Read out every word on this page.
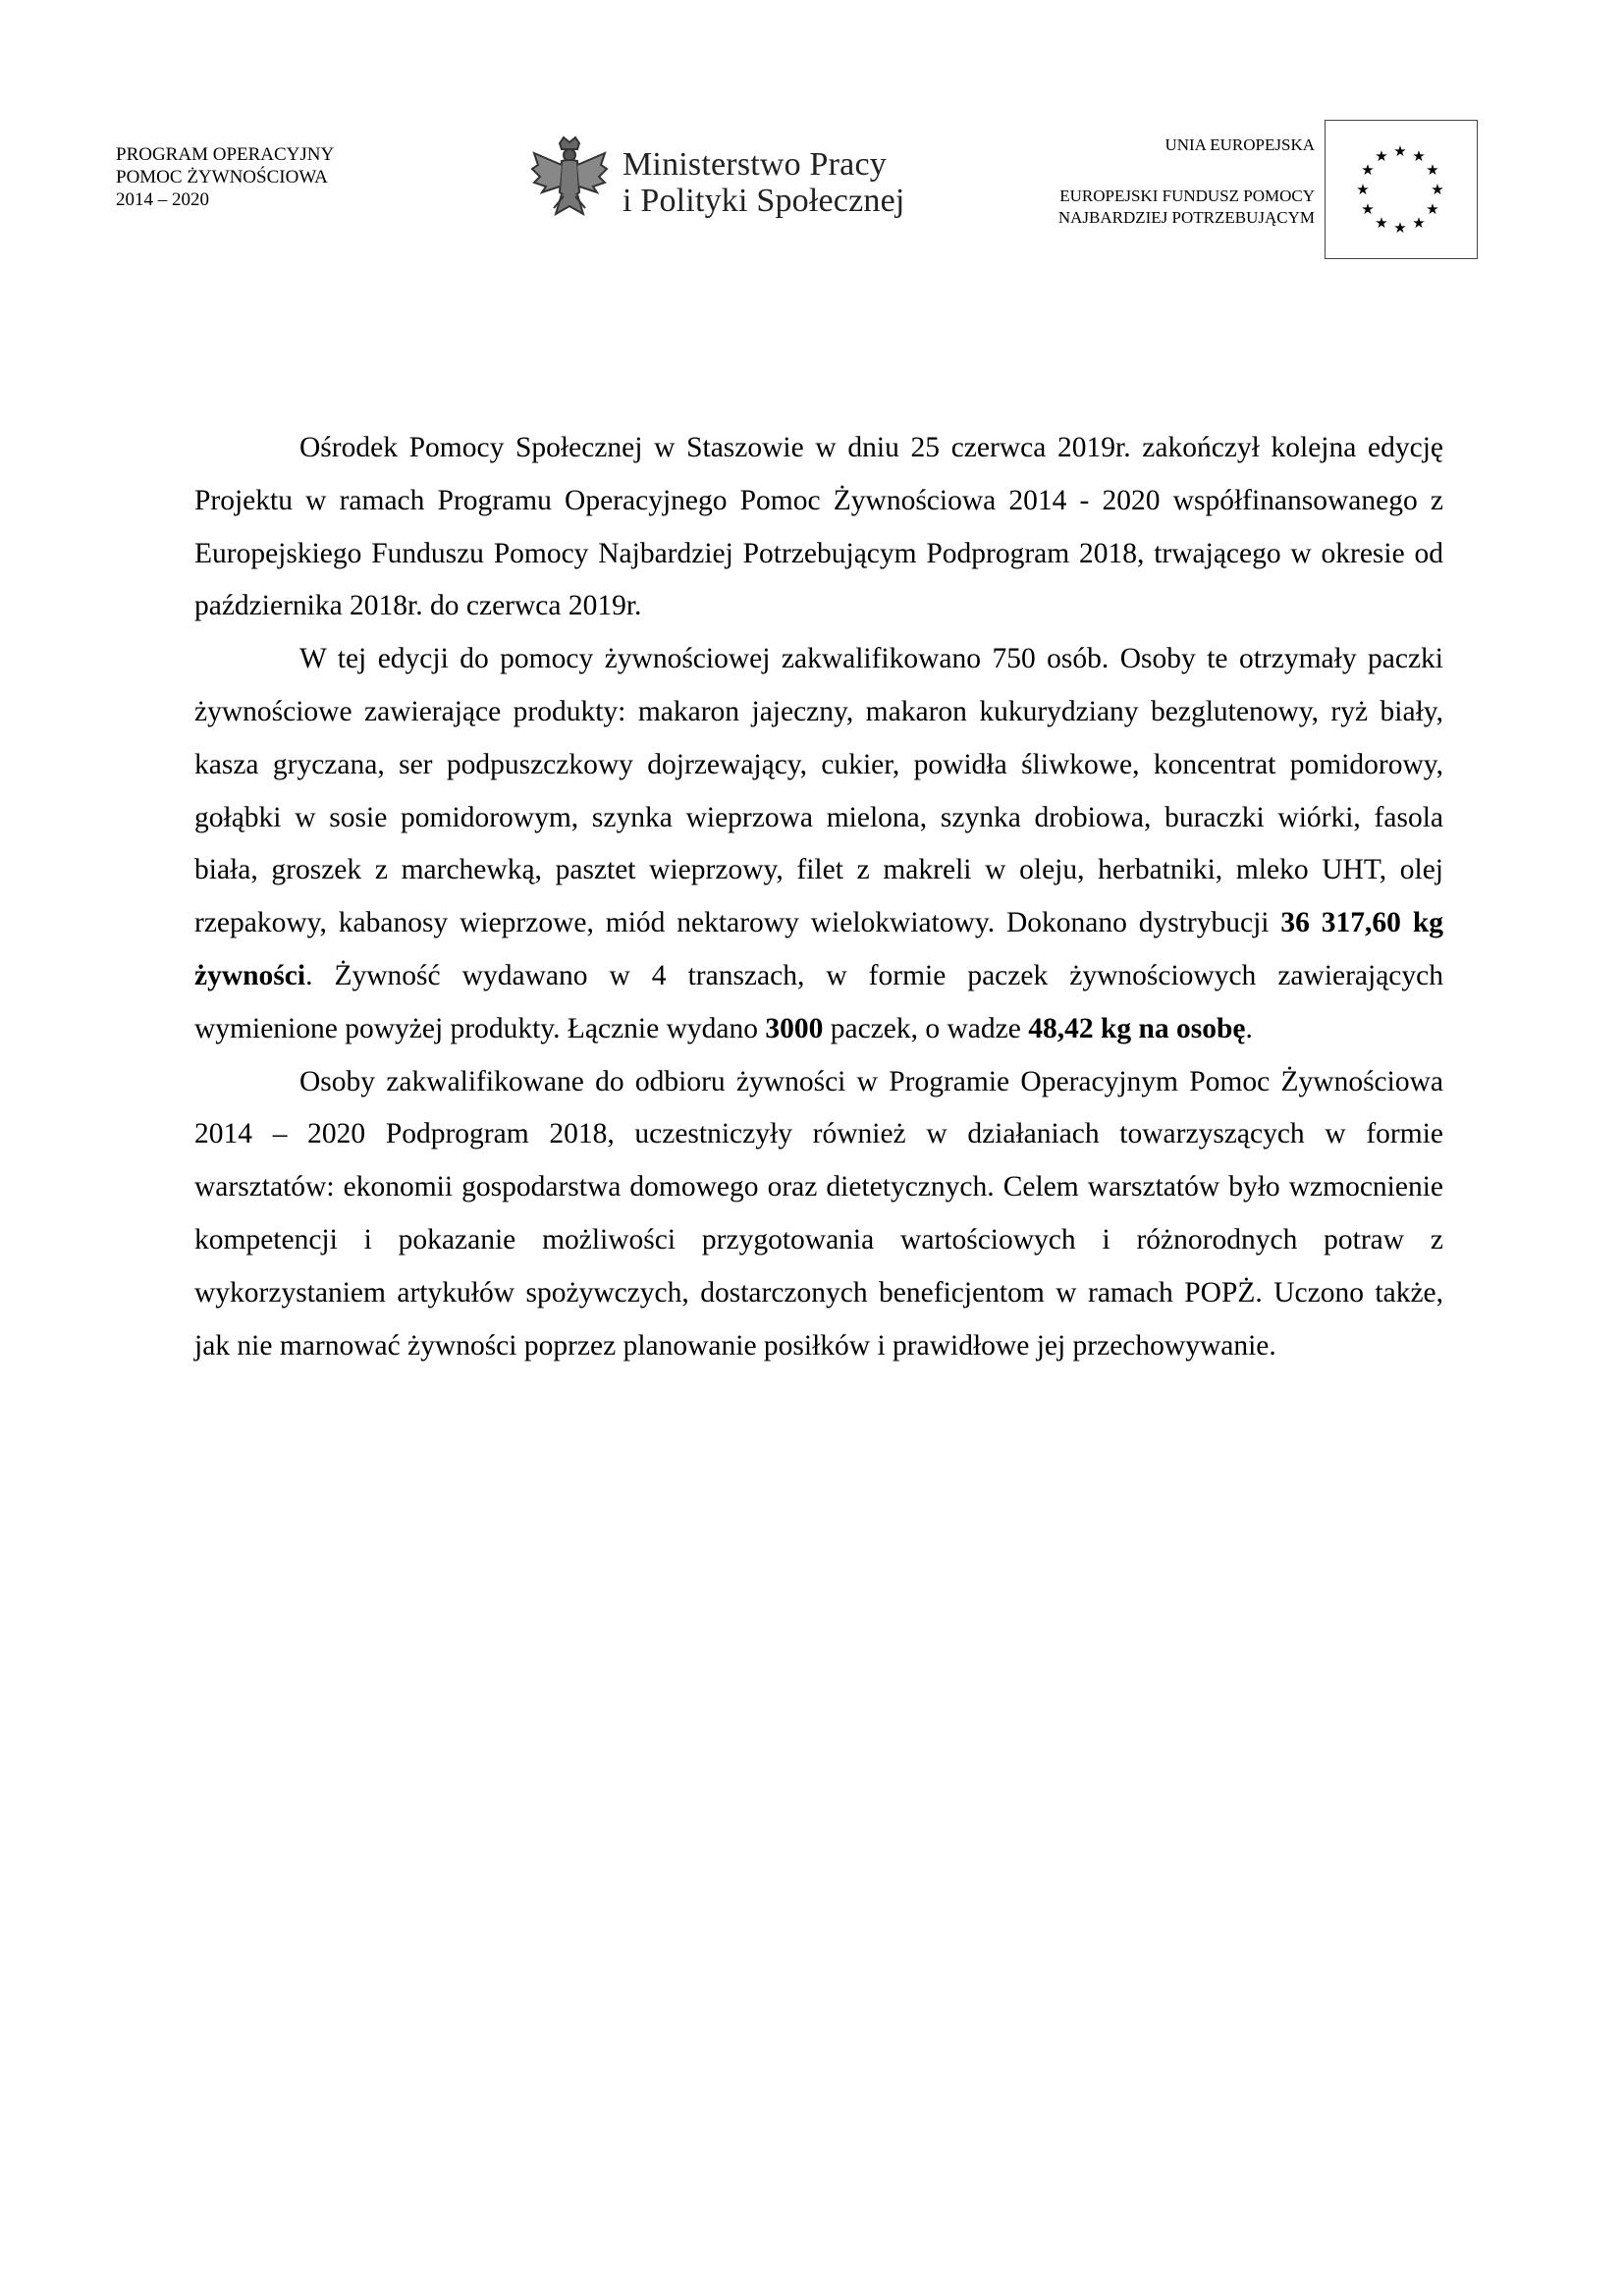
PROGRAM OPERACYJNY
POMOC ŻYWNOŚCIOWA
2014 – 2020
Ministerstwo Pracy
i Polityki Społecznej
UNIA EUROPEJSKA
EUROPEJSKI FUNDUSZ POMOCY
NAJBARDZIEJ POTRZEBUJĄCYM
★ ★
★
★
★
★
★
★
★
★
★
★

Ośrodek Pomocy Społecznej w Staszowie w dniu 25 czerwca 2019r. zakończył kolejna edycję Projektu w ramach Programu Operacyjnego Pomoc Żywnościowa 2014 - 2020 współfinansowanego z Europejskiego Funduszu Pomocy Najbardziej Potrzebującym Podprogram 2018, trwającego w okresie od października 2018r. do czerwca 2019r.

W tej edycji do pomocy żywnościowej zakwalifikowano 750 osób. Osoby te otrzymały paczki żywnościowe zawierające produkty: makaron jajeczny, makaron kukurydziany bezglutenowy, ryż biały, kasza gryczana, ser podpuszczkowy dojrzewający, cukier, powidła śliwkowe, koncentrat pomidorowy, gołąbki w sosie pomidorowym, szynka wieprzowa mielona, szynka drobiowa, buraczki wiórki, fasola biała, groszek z marchewką, pasztet wieprzowy, filet z makreli w oleju, herbatniki, mleko UHT, olej rzepakowy, kabanosy wieprzowe, miód nektarowy wielokwiatowy. Dokonano dystrybucji 36 317,60 kg żywności. Żywność wydawano w 4 transzach, w formie paczek żywnościowych zawierających wymienione powyżej produkty. Łącznie wydano 3000 paczek, o wadze 48,42 kg na osobę.

Osoby zakwalifikowane do odbioru żywności w Programie Operacyjnym Pomoc Żywnościowa 2014 – 2020 Podprogram 2018, uczestniczyły również w działaniach towarzyszących w formie warsztatów: ekonomii gospodarstwa domowego oraz dietetycznych. Celem warsztatów było wzmocnienie kompetencji i pokazanie możliwości przygotowania wartościowych i różnorodnych potraw z wykorzystaniem artykułów spożywczych, dostarczonych beneficjentom w ramach POPŻ. Uczono także, jak nie marnować żywności poprzez planowanie posiłków i prawidłowe jej przechowywanie.
